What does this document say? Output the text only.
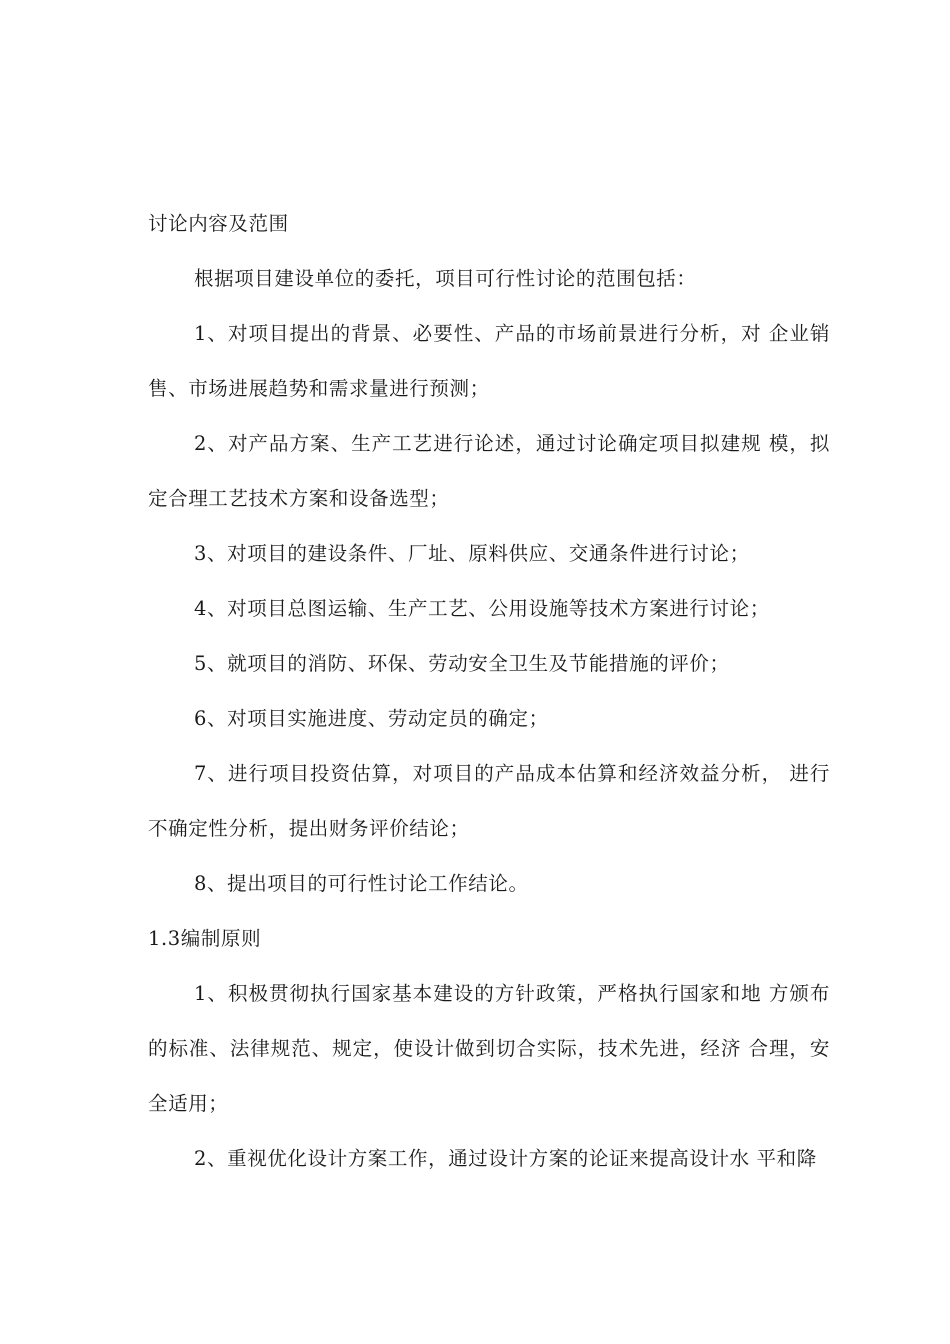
讨论内容及范围

根据项目建设单位的委托，项目可行性讨论的范围包括：

1、对项目提出的背景、必要性、产品的市场前景进行分析，对 企业销售、市场进展趋势和需求量进行预测；

2、对产品方案、生产工艺进行论述，通过讨论确定项目拟建规 模，拟定合理工艺技术方案和设备选型；

3、对项目的建设条件、厂址、原料供应、交通条件进行讨论；

4、对项目总图运输、生产工艺、公用设施等技术方案进行讨论；

5、就项目的消防、环保、劳动安全卫生及节能措施的评价；

6、对项目实施进度、劳动定员的确定；

7、进行项目投资估算，对项目的产品成本估算和经济效益分析， 进行不确定性分析，提出财务评价结论；

8、提出项目的可行性讨论工作结论。

1.3编制原则

1、积极贯彻执行国家基本建设的方针政策，严格执行国家和地 方颁布的标准、法律规范、规定，使设计做到切合实际，技术先进，经济 合理，安全适用；

2、重视优化设计方案工作，通过设计方案的论证来提高设计水 平和降
